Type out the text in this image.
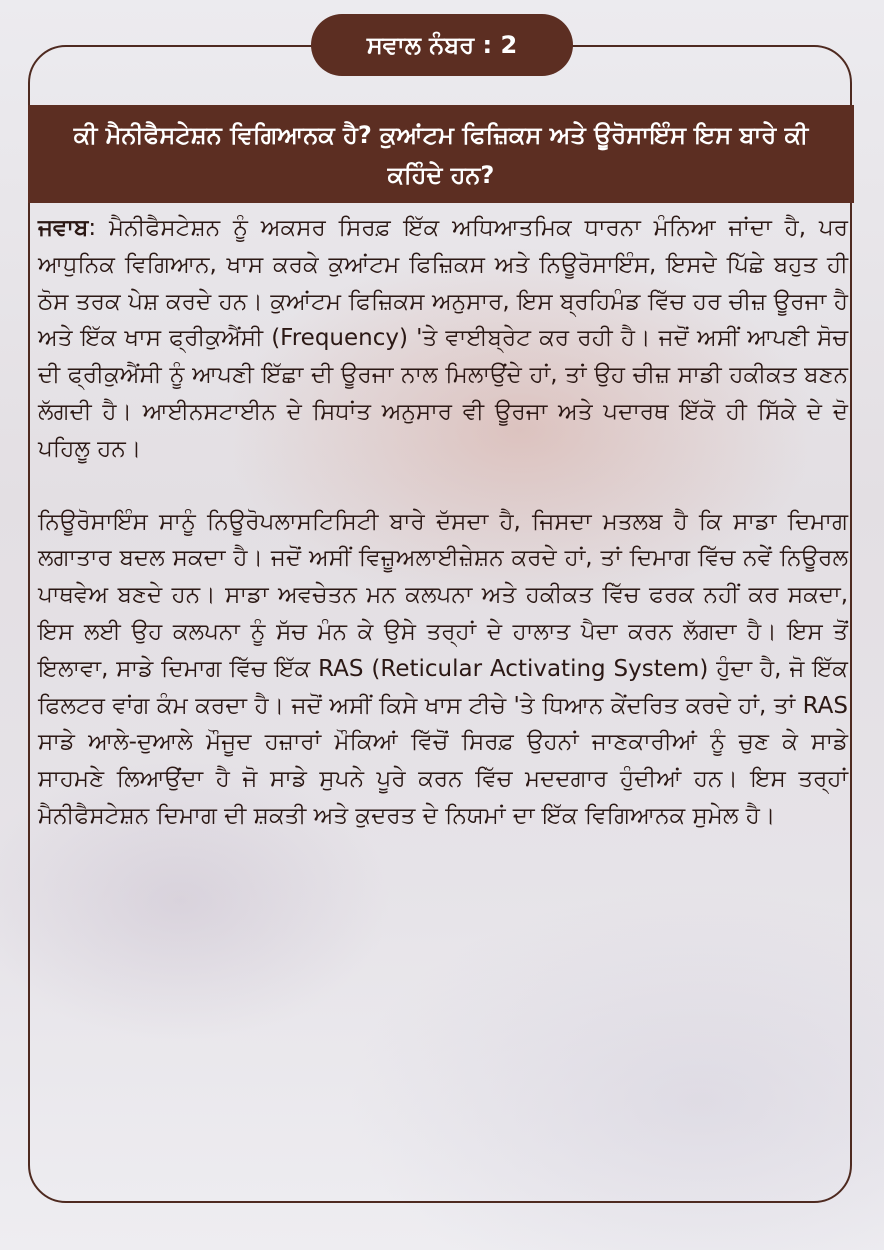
ਸਵਾਲ ਨੰਬਰ : 2
ਕੀ ਮੈਨੀਫੈਸਟੇਸ਼ਨ ਵਿਗਿਆਨਕ ਹੈ? ਕੁਆਂਟਮ ਫਿਜ਼ਿਕਸ ਅਤੇ ਊਰੋਸਾਇੰਸ ਇਸ ਬਾਰੇ ਕੀ ਕਹਿੰਦੇ ਹਨ?

ਜਵਾਬ: ਮੈਨੀਫੈਸਟੇਸ਼ਨ ਨੂੰ ਅਕਸਰ ਸਿਰਫ਼ ਇੱਕ ਅਧਿਆਤਮਿਕ ਧਾਰਨਾ ਮੰਨਿਆ ਜਾਂਦਾ ਹੈ, ਪਰ ਆਧੁਨਿਕ ਵਿਗਿਆਨ, ਖਾਸ ਕਰਕੇ ਕੁਆਂਟਮ ਫਿਜ਼ਿਕਸ ਅਤੇ ਨਿਊਰੋਸਾਇੰਸ, ਇਸਦੇ ਪਿੱਛੇ ਬਹੁਤ ਹੀ ਠੋਸ ਤਰਕ ਪੇਸ਼ ਕਰਦੇ ਹਨ। ਕੁਆਂਟਮ ਫਿਜ਼ਿਕਸ ਅਨੁਸਾਰ, ਇਸ ਬ੍ਰਹਿਮੰਡ ਵਿੱਚ ਹਰ ਚੀਜ਼ ਊਰਜਾ ਹੈ ਅਤੇ ਇੱਕ ਖਾਸ ਫ੍ਰੀਕੁਐਂਸੀ (Frequency) 'ਤੇ ਵਾਈਬ੍ਰੇਟ ਕਰ ਰਹੀ ਹੈ। ਜਦੋਂ ਅਸੀਂ ਆਪਣੀ ਸੋਚ ਦੀ ਫ੍ਰੀਕੁਐਂਸੀ ਨੂੰ ਆਪਣੀ ਇੱਛਾ ਦੀ ਊਰਜਾ ਨਾਲ ਮਿਲਾਉਂਦੇ ਹਾਂ, ਤਾਂ ਉਹ ਚੀਜ਼ ਸਾਡੀ ਹਕੀਕਤ ਬਣਨ ਲੱਗਦੀ ਹੈ। ਆਈਨਸਟਾਈਨ ਦੇ ਸਿਧਾਂਤ ਅਨੁਸਾਰ ਵੀ ਊਰਜਾ ਅਤੇ ਪਦਾਰਥ ਇੱਕੋ ਹੀ ਸਿੱਕੇ ਦੇ ਦੋ ਪਹਿਲੂ ਹਨ।

ਨਿਊਰੋਸਾਇੰਸ ਸਾਨੂੰ ਨਿਊਰੋਪਲਾਸਟਿਸਿਟੀ ਬਾਰੇ ਦੱਸਦਾ ਹੈ, ਜਿਸਦਾ ਮਤਲਬ ਹੈ ਕਿ ਸਾਡਾ ਦਿਮਾਗ ਲਗਾਤਾਰ ਬਦਲ ਸਕਦਾ ਹੈ। ਜਦੋਂ ਅਸੀਂ ਵਿਜ਼ੂਅਲਾਈਜ਼ੇਸ਼ਨ ਕਰਦੇ ਹਾਂ, ਤਾਂ ਦਿਮਾਗ ਵਿੱਚ ਨਵੇਂ ਨਿਊਰਲ ਪਾਥਵੇਅ ਬਣਦੇ ਹਨ। ਸਾਡਾ ਅਵਚੇਤਨ ਮਨ ਕਲਪਨਾ ਅਤੇ ਹਕੀਕਤ ਵਿੱਚ ਫਰਕ ਨਹੀਂ ਕਰ ਸਕਦਾ, ਇਸ ਲਈ ਉਹ ਕਲਪਨਾ ਨੂੰ ਸੱਚ ਮੰਨ ਕੇ ਉਸੇ ਤਰ੍ਹਾਂ ਦੇ ਹਾਲਾਤ ਪੈਦਾ ਕਰਨ ਲੱਗਦਾ ਹੈ। ਇਸ ਤੋਂ ਇਲਾਵਾ, ਸਾਡੇ ਦਿਮਾਗ ਵਿੱਚ ਇੱਕ RAS (Reticular Activating System) ਹੁੰਦਾ ਹੈ, ਜੋ ਇੱਕ ਫਿਲਟਰ ਵਾਂਗ ਕੰਮ ਕਰਦਾ ਹੈ। ਜਦੋਂ ਅਸੀਂ ਕਿਸੇ ਖਾਸ ਟੀਚੇ 'ਤੇ ਧਿਆਨ ਕੇਂਦਰਿਤ ਕਰਦੇ ਹਾਂ, ਤਾਂ RAS ਸਾਡੇ ਆਲੇ-ਦੁਆਲੇ ਮੌਜੂਦ ਹਜ਼ਾਰਾਂ ਮੌਕਿਆਂ ਵਿੱਚੋਂ ਸਿਰਫ਼ ਉਹਨਾਂ ਜਾਣਕਾਰੀਆਂ ਨੂੰ ਚੁਣ ਕੇ ਸਾਡੇ ਸਾਹਮਣੇ ਲਿਆਉਂਦਾ ਹੈ ਜੋ ਸਾਡੇ ਸੁਪਨੇ ਪੂਰੇ ਕਰਨ ਵਿੱਚ ਮਦਦਗਾਰ ਹੁੰਦੀਆਂ ਹਨ। ਇਸ ਤਰ੍ਹਾਂ ਮੈਨੀਫੈਸਟੇਸ਼ਨ ਦਿਮਾਗ ਦੀ ਸ਼ਕਤੀ ਅਤੇ ਕੁਦਰਤ ਦੇ ਨਿਯਮਾਂ ਦਾ ਇੱਕ ਵਿਗਿਆਨਕ ਸੁਮੇਲ ਹੈ।
